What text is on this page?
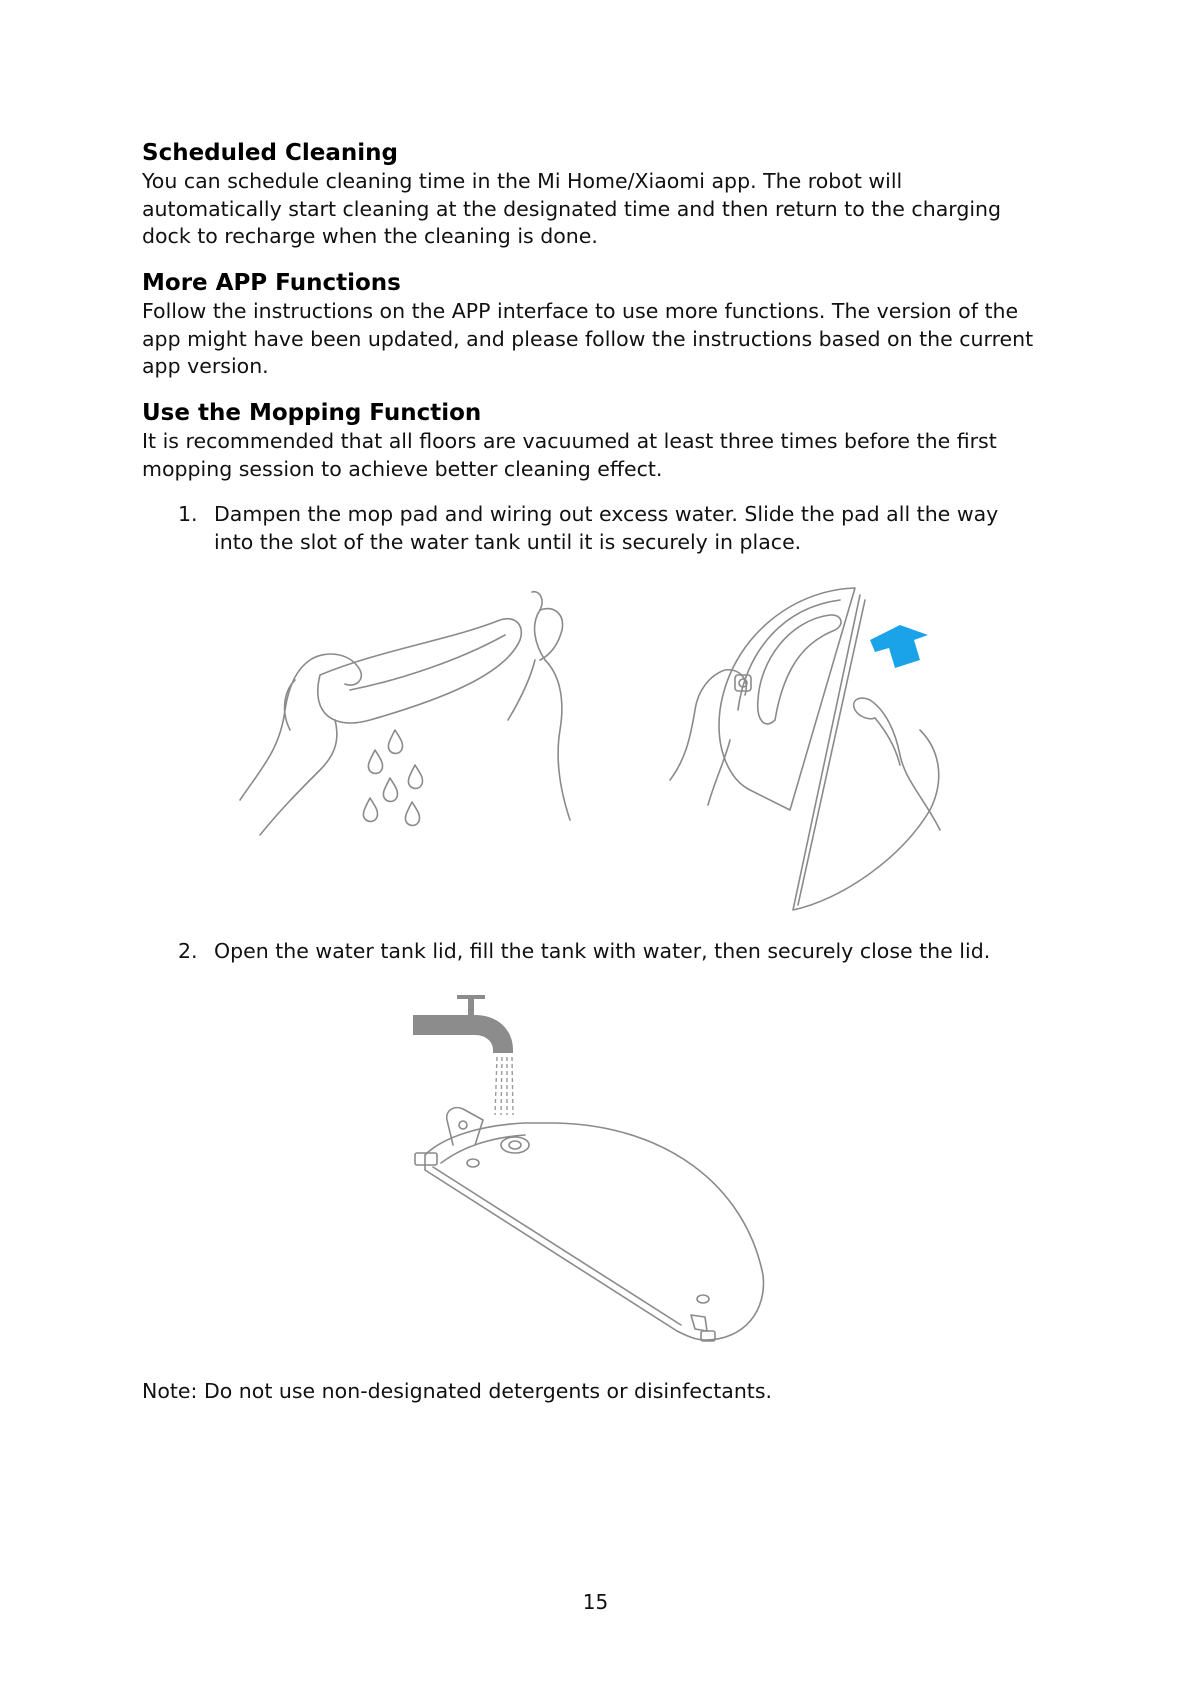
Scheduled Cleaning

You can schedule cleaning time in the Mi Home/Xiaomi app. The robot will automatically start cleaning at the designated time and then return to the charging dock to recharge when the cleaning is done.

More APP Functions

Follow the instructions on the APP interface to use more functions. The version of the app might have been updated, and please follow the instructions based on the current app version.

Use the Mopping Function

It is recommended that all floors are vacuumed at least three times before the first mopping session to achieve better cleaning effect.

1. Dampen the mop pad and wiring out excess water. Slide the pad all the way into the slot of the water tank until it is securely in place.
2. Open the water tank lid, fill the tank with water, then securely close the lid.

Note: Do not use non-designated detergents or disinfectants.

15
